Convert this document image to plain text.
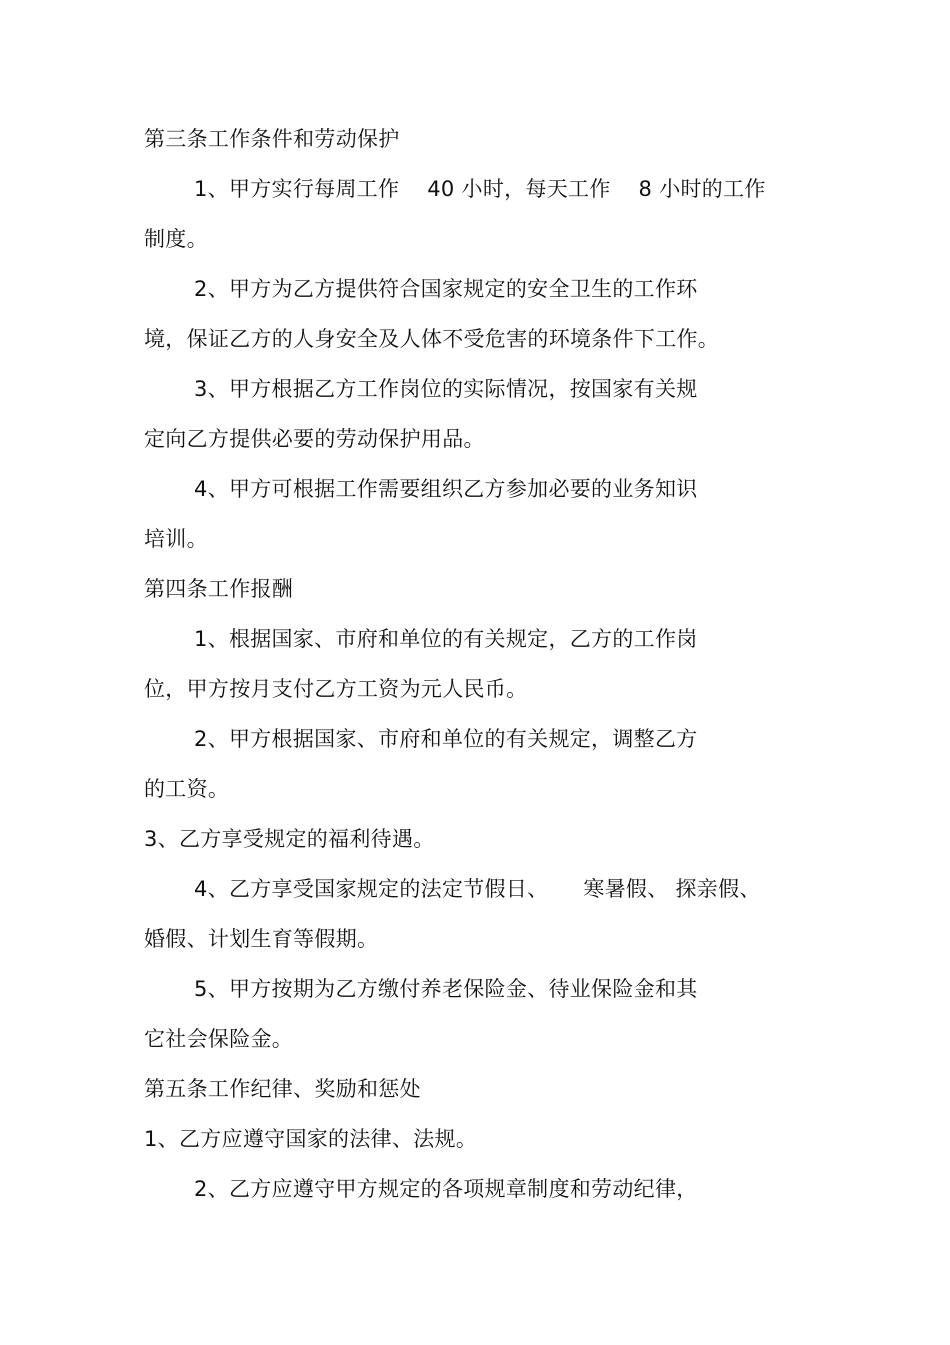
第三条工作条件和劳动保护
1、甲方实行每周工作    40 小时，每天工作    8 小时的工作
制度。
2、甲方为乙方提供符合国家规定的安全卫生的工作环
境，保证乙方的人身安全及人体不受危害的环境条件下工作。
3、甲方根据乙方工作岗位的实际情况，按国家有关规
定向乙方提供必要的劳动保护用品。
4、甲方可根据工作需要组织乙方参加必要的业务知识
培训。
第四条工作报酬
1、根据国家、市府和单位的有关规定，乙方的工作岗
位，甲方按月支付乙方工资为元人民币。
2、甲方根据国家、市府和单位的有关规定，调整乙方
的工资。
3、乙方享受规定的福利待遇。
4、乙方享受国家规定的法定节假日、     寒暑假、 探亲假、
婚假、计划生育等假期。
5、甲方按期为乙方缴付养老保险金、待业保险金和其
它社会保险金。
第五条工作纪律、奖励和惩处
1、乙方应遵守国家的法律、法规。
2、乙方应遵守甲方规定的各项规章制度和劳动纪律，
